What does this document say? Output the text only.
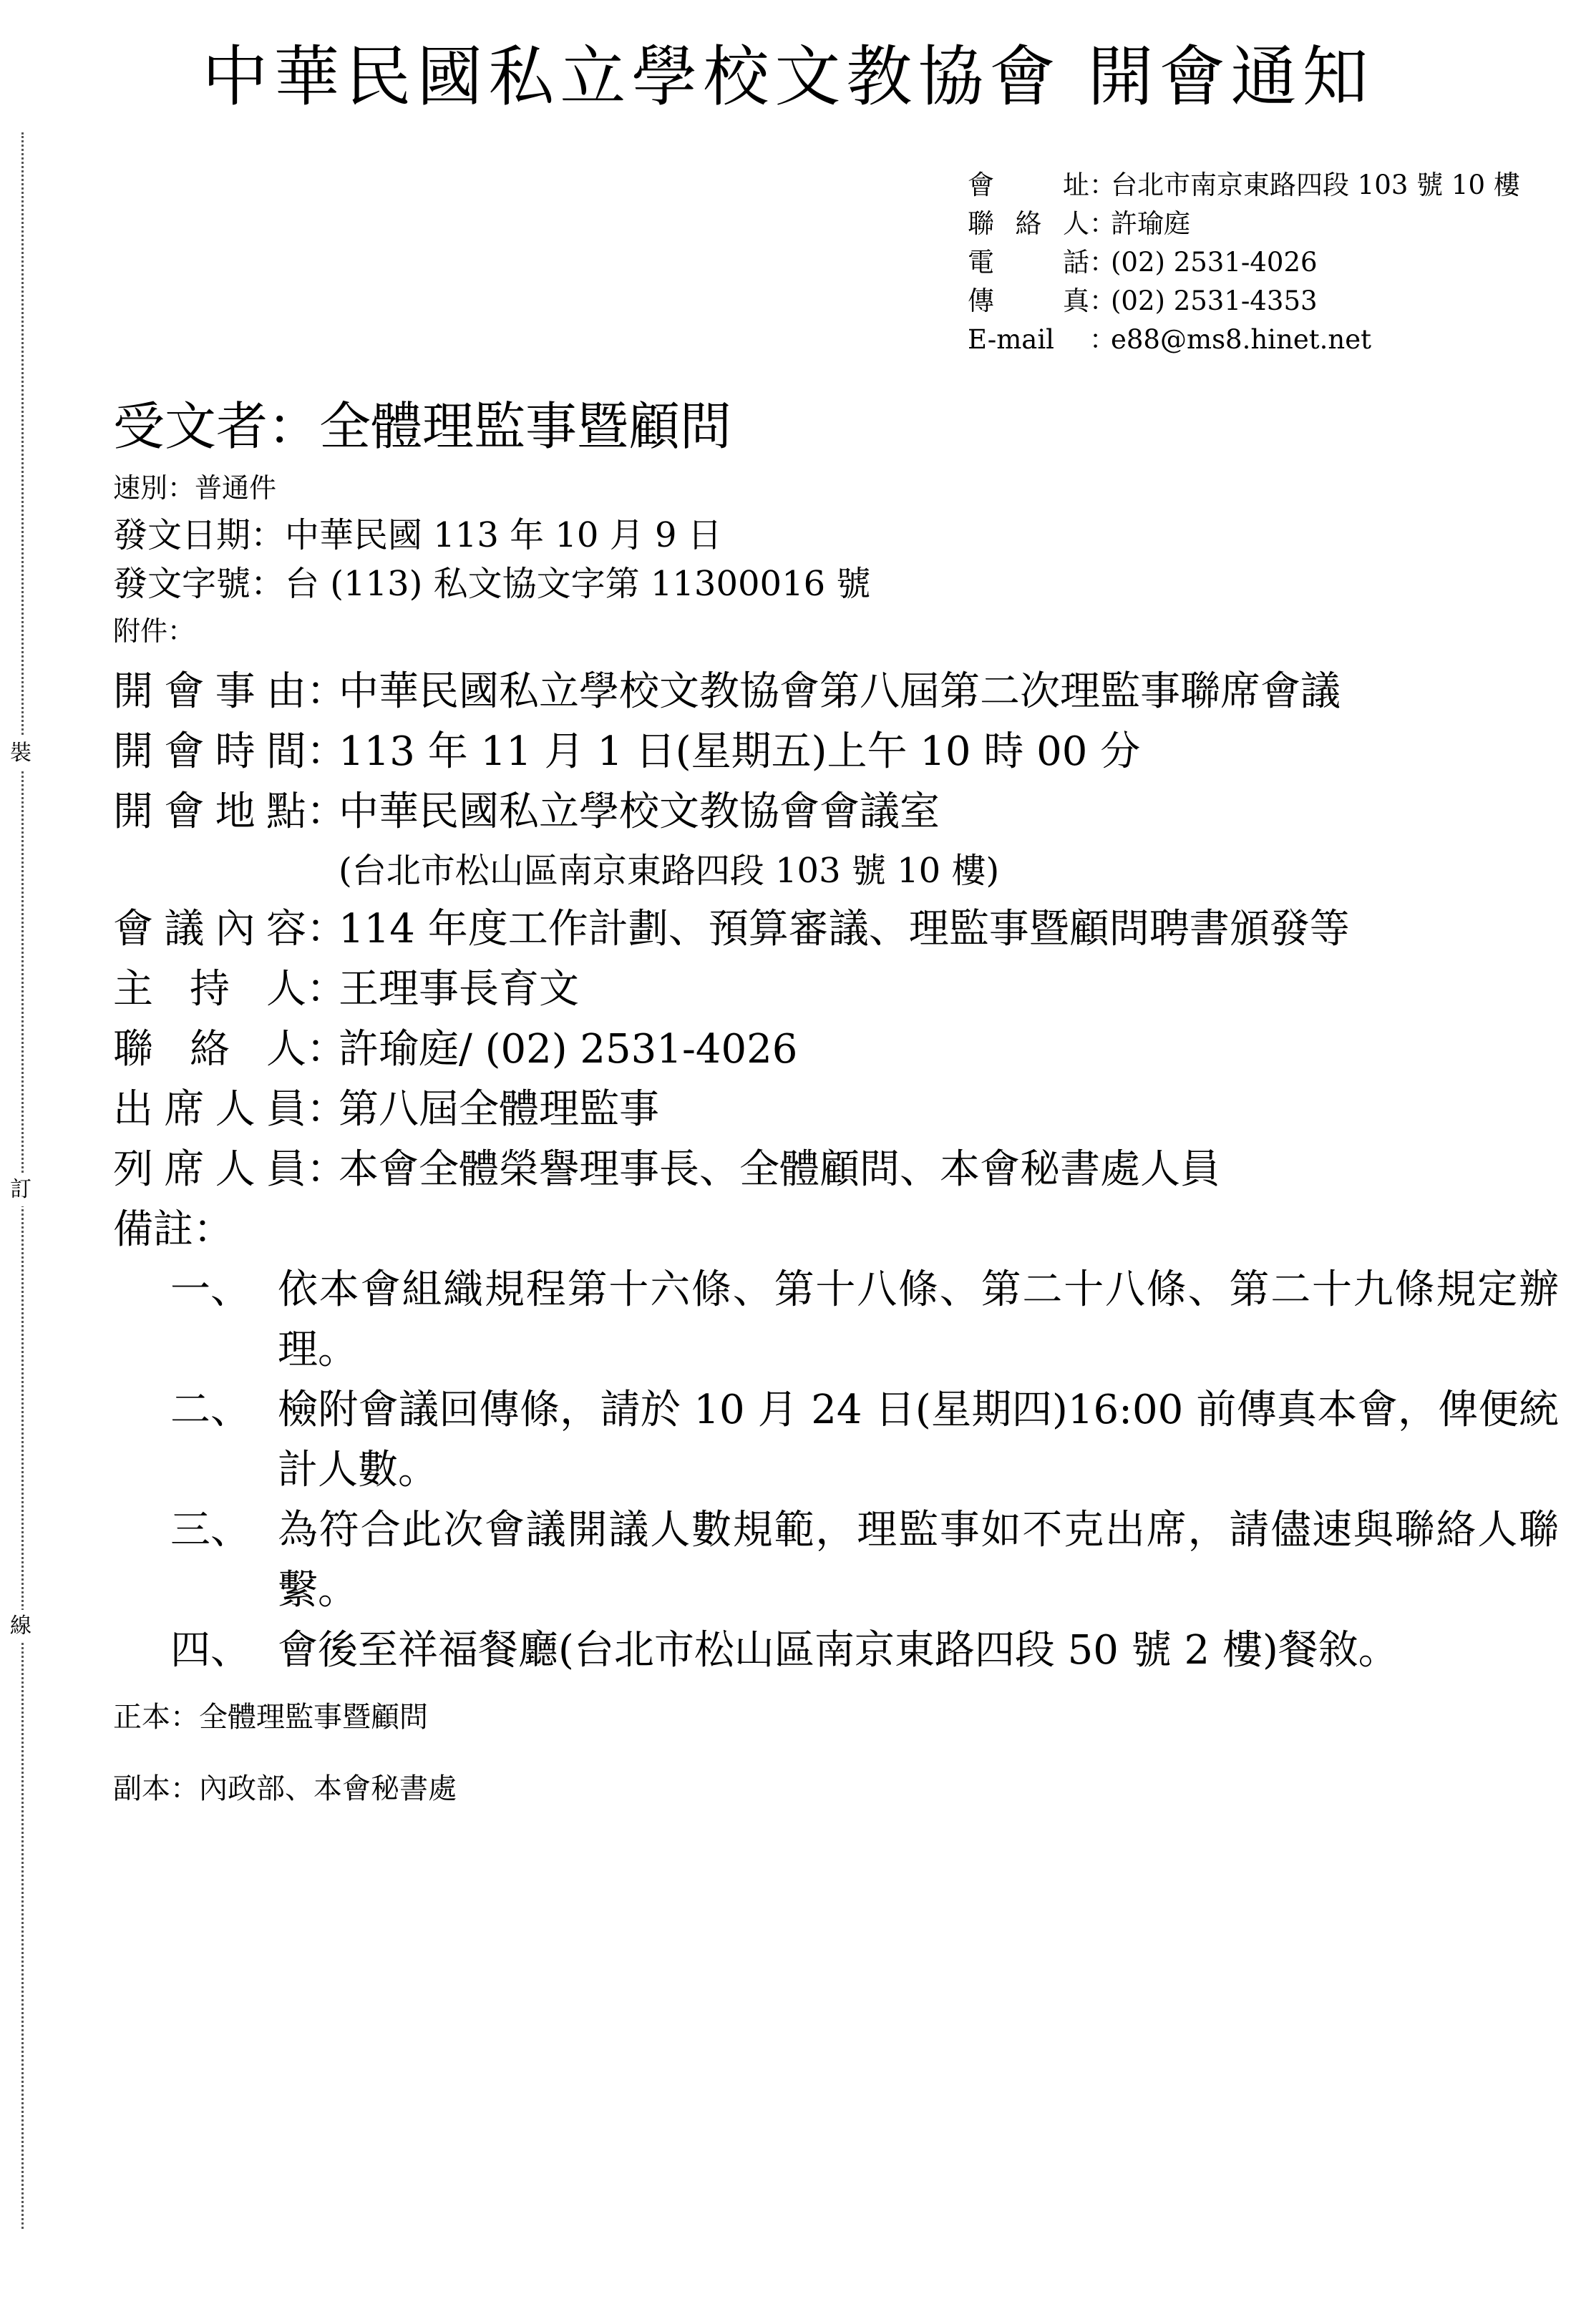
裝
訂
線
中華民國私立學校文教協會 開會通知
會 址 ：
台北市南京東路四段 103 號 10 樓
聯 絡 人 ：
許瑜庭
電 話 ：
(02) 2531-4026
傳 真 ：
(02) 2531-4353
E-mail	：
e88@ms8.hinet.net
受文者：全體理監事暨顧問
速別：普通件
發文日期：中華民國 113 年 10 月 9 日
發文字號：台 (113) 私文協文字第 11300016 號
附件：
開會事由 ：
中華民國私立學校文教協會第八屆第二次理監事聯席會議
開會時間 ：
113 年 11 月 1 日(星期五)上午 10 時 00 分
開會地點 ：
中華民國私立學校文教協會會議室
(台北市松山區南京東路四段 103 號 10 樓)
會議內容 ：
114 年度工作計劃、預算審議、理監事暨顧問聘書頒發等
主 持 人 ：
王理事長育文
聯 絡 人 ：
許瑜庭/ (02) 2531-4026
出席人員 ：
第八屆全體理監事
列席人員 ：
本會全體榮譽理事長、全體顧問、本會秘書處人員
備註：
一、 依本會組織規程第十六條、第十八條、第二十八條、第二十九條規定辦理。
二、 檢附會議回傳條，請於 10 月 24 日(星期四)16:00 前傳真本會，俾便統計人數。
三、 為符合此次會議開議人數規範，理監事如不克出席，請儘速與聯絡人聯繫。
四、 會後至祥福餐廳(台北市松山區南京東路四段 50 號 2 樓)餐敘。
正本：全體理監事暨顧問
副本：內政部、本會秘書處
